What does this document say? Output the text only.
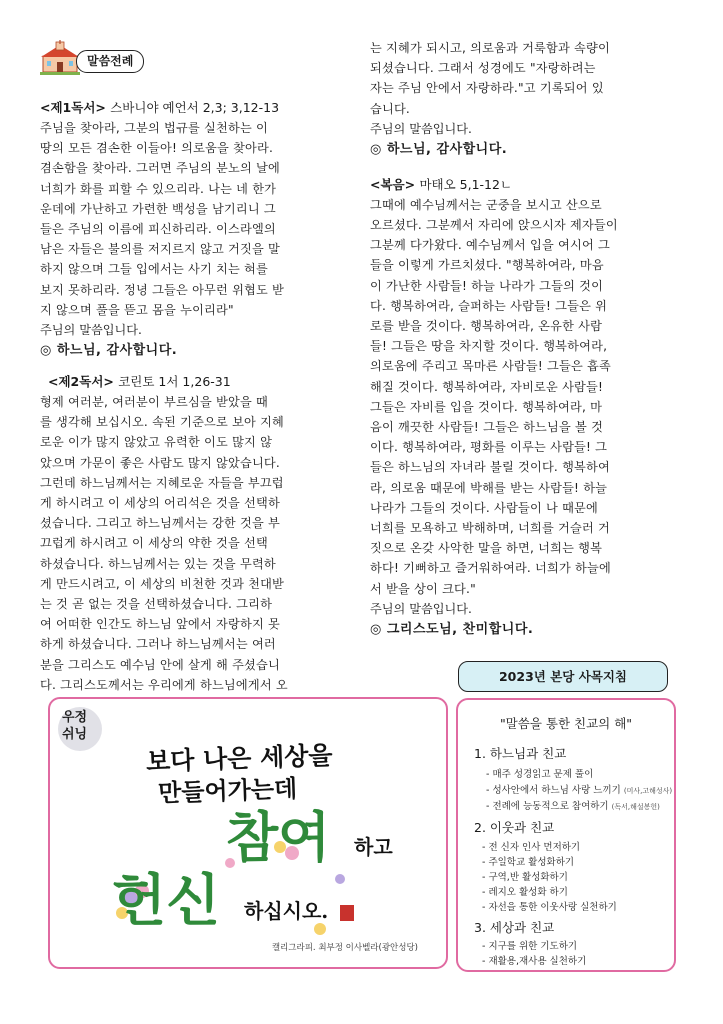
말씀전례

<제1독서> 스바니야 예언서 2,3; 3,12-13

주님을 찾아라, 그분의 법규를 실천하는 이

땅의 모든 겸손한 이들아! 의로움을 찾아라.

겸손함을 찾아라. 그러면 주님의 분노의 날에

너희가 화를 피할 수 있으리라. 나는 네 한가

운데에 가난하고 가련한 백성을 남기리니 그

들은 주님의 이름에 피신하리라. 이스라엘의

남은 자들은 불의를 저지르지 않고 거짓을 말

하지 않으며 그들 입에서는 사기 치는 혀를

보지 못하리라. 정녕 그들은 아무런 위협도 받

지 않으며 풀을 뜯고 몸을 누이리라"

주님의 말씀입니다.

◎ 하느님, 감사합니다.

<제2독서> 코린토 1서 1,26-31

형제 여러분, 여러분이 부르심을 받았을 때

를 생각해 보십시오. 속된 기준으로 보아 지혜

로운 이가 많지 않았고 유력한 이도 많지 않

았으며 가문이 좋은 사람도 많지 않았습니다.

그런데 하느님께서는 지혜로운 자들을 부끄럽

게 하시려고 이 세상의 어리석은 것을 선택하

셨습니다. 그리고 하느님께서는 강한 것을 부

끄럽게 하시려고 이 세상의 약한 것을 선택

하셨습니다. 하느님께서는 있는 것을 무력하

게 만드시려고, 이 세상의 비천한 것과 천대받

는 것 곧 없는 것을 선택하셨습니다. 그리하

여 어떠한 인간도 하느님 앞에서 자랑하지 못

하게 하셨습니다. 그러나 하느님께서는 여러

분을 그리스도 예수님 안에 살게 해 주셨습니

다. 그리스도께서는 우리에게 하느님에게서 오

는 지혜가 되시고, 의로움과 거룩함과 속량이

되셨습니다. 그래서 성경에도 "자랑하려는

자는 주님 안에서 자랑하라."고 기록되어 있

습니다.

주님의 말씀입니다.

◎ 하느님, 감사합니다.

<복음> 마태오 5,1-12ㄴ

그때에 예수님께서는 군중을 보시고 산으로

오르셨다. 그분께서 자리에 앉으시자 제자들이

그분께 다가왔다. 예수님께서 입을 여시어 그

들을 이렇게 가르치셨다. "행복하여라, 마음

이 가난한 사람들! 하늘 나라가 그들의 것이

다. 행복하여라, 슬퍼하는 사람들! 그들은 위

로를 받을 것이다. 행복하여라, 온유한 사람

들! 그들은 땅을 차지할 것이다. 행복하여라,

의로움에 주리고 목마른 사람들! 그들은 흡족

해질 것이다. 행복하여라, 자비로운 사람들!

그들은 자비를 입을 것이다. 행복하여라, 마

음이 깨끗한 사람들! 그들은 하느님을 볼 것

이다. 행복하여라, 평화를 이루는 사람들! 그

들은 하느님의 자녀라 불릴 것이다. 행복하여

라, 의로움 때문에 박해를 받는 사람들! 하늘

나라가 그들의 것이다. 사람들이 나 때문에

너희를 모욕하고 박해하며, 너희를 거슬러 거

짓으로 온갖 사악한 말을 하면, 너희는 행복

하다! 기뻐하고 즐거워하여라. 너희가 하늘에

서 받을 상이 크다."

주님의 말씀입니다.

◎ 그리스도님, 찬미합니다.

우정
쉬닝
보다 나은 세상을
만들어가는데
참여 하고
헌신 하십시오.
캘리그라피. 최부정 이사벨라(광안성당)
2023년 본당 사목지침
"말씀을 통한 친교의 해"
1. 하느님과 친교
- 매주 성경읽고 문제 풀이
- 성사안에서 하느님 사랑 느끼기 (미사,고해성사)
- 전례에 능동적으로 참여하기 (독서,해설봉헌)
2. 이웃과 친교
- 전 신자 인사 먼저하기
- 주일학교 활성화하기
- 구역,반 활성화하기
- 레지오 활성화 하기
- 자선을 통한 이웃사랑 실천하기
3. 세상과 친교
- 지구를 위한 기도하기
- 재활용,재사용 실천하기
